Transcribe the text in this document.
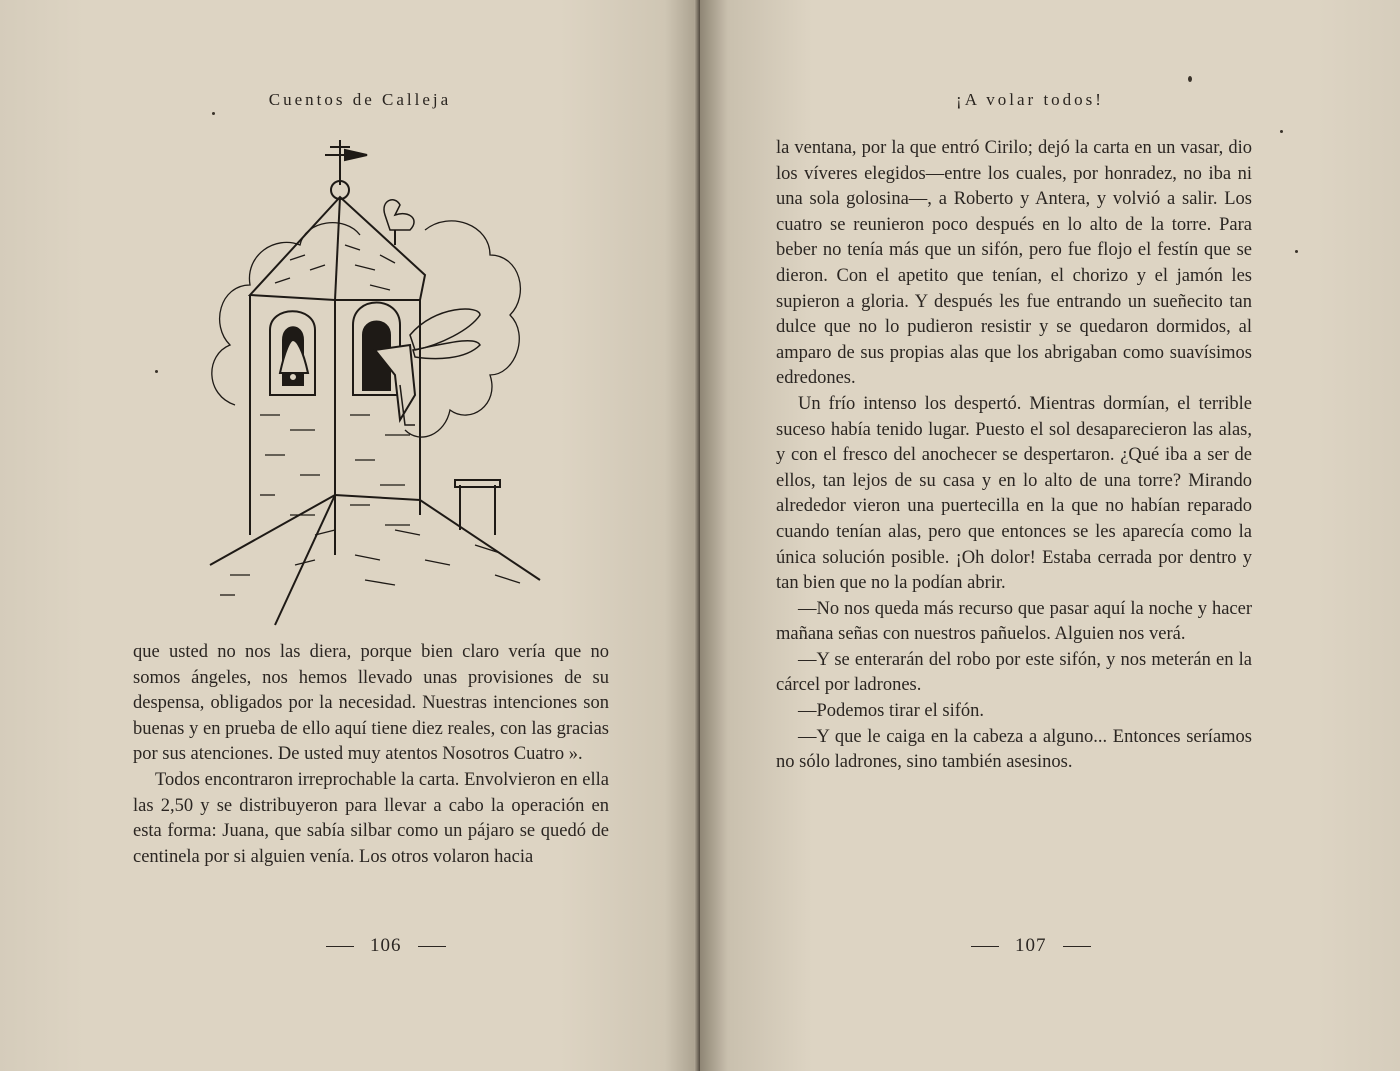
Cuentos de Calleja

que usted no nos las diera, porque bien claro vería que no somos ángeles, nos hemos llevado unas provisiones de su despensa, obligados por la necesidad. Nuestras intenciones son buenas y en prueba de ello aquí tiene diez reales, con las gracias por sus atenciones. De usted muy atentos Nosotros Cuatro ».

Todos encontraron irreprochable la carta. Envolvieron en ella las 2,50 y se distribuyeron para llevar a cabo la operación en esta forma: Juana, que sabía silbar como un pájaro se quedó de centinela por si alguien venía. Los otros volaron hacia

106
¡A volar todos!

la ventana, por la que entró Cirilo; dejó la carta en un vasar, dio los víveres elegidos—entre los cuales, por honradez, no iba ni una sola golosina—, a Roberto y Antera, y volvió a salir. Los cuatro se reunieron poco después en lo alto de la torre. Para beber no tenía más que un sifón, pero fue flojo el festín que se dieron. Con el apetito que tenían, el chorizo y el jamón les supieron a gloria. Y después les fue entrando un sueñecito tan dulce que no lo pudieron resistir y se quedaron dormidos, al amparo de sus propias alas que los abrigaban como suavísimos edredones.

Un frío intenso los despertó. Mientras dormían, el terrible suceso había tenido lugar. Puesto el sol desaparecieron las alas, y con el fresco del anochecer se despertaron. ¿Qué iba a ser de ellos, tan lejos de su casa y en lo alto de una torre? Mirando alrededor vieron una puertecilla en la que no habían reparado cuando tenían alas, pero que entonces se les aparecía como la única solución posible. ¡Oh dolor! Estaba cerrada por dentro y tan bien que no la podían abrir.

—No nos queda más recurso que pasar aquí la noche y hacer mañana señas con nuestros pañuelos. Alguien nos verá.

—Y se enterarán del robo por este sifón, y nos meterán en la cárcel por ladrones.

—Podemos tirar el sifón.

—Y que le caiga en la cabeza a alguno... Entonces seríamos no sólo ladrones, sino también asesinos.

107
